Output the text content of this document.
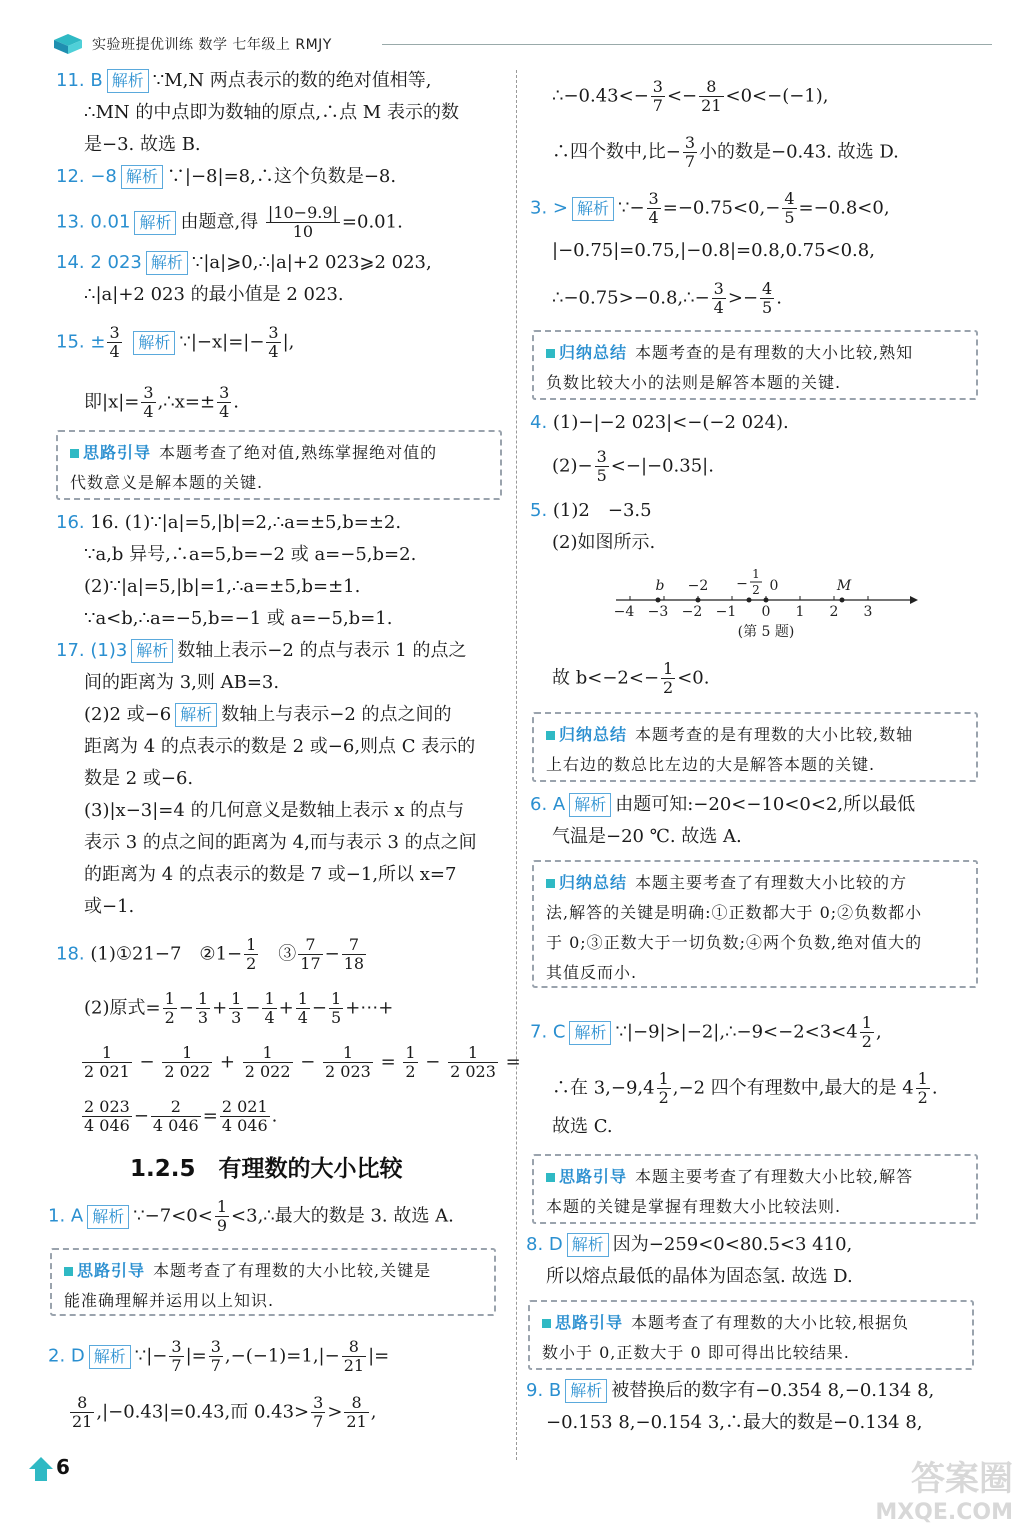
实验班提优训练 数学 七年级上 RMJY
11. B 解析 ∵M,N 两点表示的数的绝对值相等,
∴MN 的中点即为数轴的原点,∴点 M 表示的数
是−3. 故选 B.
12. −8 解析 ∵|−8|=8,∴这个负数是−8.
13. 0.01 解析 由题意,得 $\frac{|10-9.9|}{10} =0.01$.
14. 2 023 解析 ∵|a|⩾0,∴|a|+2 023⩾2 023,
∴|a|+2 023 的最小值是 2 023.
15. ± $\frac{3}{4}$ 解析 ∵|−x|=|− $\frac{3}{4}$ |,
即$|x|= \frac{3}{4}$ ,∴x=± $\frac{3}{4}$ .
思路引导 本题考查了绝对值,熟练掌握绝对值的
代数意义是解本题的关键.
16. 16. (1)∵|a|=5,|b|=2,∴a=±5,b=±2.
∵a,b 异号,∴a=5,b=−2 或 a=−5,b=2.
(2)∵|a|=5,|b|=1,∴a=±5,b=±1.
∵a<b,∴a=−5,b=−1 或 a=−5,b=1.
17. (1)3 解析 数轴上表示−2 的点与表示 1 的点之
间的距离为 3,则 AB=3.
(2)2 或−6 解析 数轴上与表示−2 的点之间的
距离为 4 的点表示的数是 2 或−6,则点 C 表示的
数是 2 或−6.
(3)|x−3|=4 的几何意义是数轴上表示 x 的点与
表示 3 的点之间的距离为 4,而与表示 3 的点之间
的距离为 4 的点表示的数是 7 或−1,所以 x=7
或−1.
18. (1)①21−7　②1− $\frac{1}{2}$ 　③ $\frac{7}{17} - \frac{7}{18}$
(2)原式= $\frac{1}{2} - \frac{1}{3} + \frac{1}{3} - \frac{1}{4} + \frac{1}{4} - \frac{1}{5}$ +⋯+
$\frac{1}{2 021} - \frac{1}{2 022} + \frac{1}{2 022} - \frac{1}{2 023} = \frac{1}{2} - \frac{1}{2 023}$ =
$\frac{2 023}{4 046} - \frac{2}{4 046} = \frac{2 021}{4 046}$ .
1.2.5　有理数的大小比较
1. A 解析 ∵−7<0< $\frac{1}{9}$ <3,∴最大的数是 3. 故选 A.
思路引导 本题考查了有理数的大小比较,关键是
能准确理解并运用以上知识.
2. D 解析 ∵|− $\frac{3}{7}$ |= $\frac{3}{7} ,-(-1)=1,|- \frac{8}{21}$ |=
$\frac{8}{21} ,|-0.43|=0.43$,而 $0.43> \frac{3}{7} > \frac{8}{21}$ ,
∴−0.43<− $\frac{3}{7} <- \frac{8}{21} <0<-(-1)$,
∴四个数中,比− $\frac{3}{7}$ 小的数是−0.43. 故选 D.
3. > 解析 ∵− $\frac{3}{4} =-0.75<0,- \frac{4}{5} =-0.8<0$,
|−0.75|=0.75,|−0.8|=0.8,0.75<0.8,
∴−0.75>−0.8,∴− $\frac{3}{4} >- \frac{4}{5}$ .
归纳总结 本题考查的是有理数的大小比较,熟知
负数比较大小的法则是解答本题的关键.
4. (1)−|−2 023|<−(−2 024).
$(2)- \frac{3}{5} <-|-0.35|$.
5. (1)2　−3.5
(2)如图所示.
−4 −3 −2 −1 0 1 2 3
b −2 −
1
2 0	M
(第 5 题)
故 $b<-2<- \frac{1}{2} <0$.
归纳总结 本题考查的是有理数的大小比较,数轴
上右边的数总比左边的大是解答本题的关键.
6. A 解析 由题可知:−20<−10<0<2,所以最低
气温是−20 ℃. 故选 A.
归纳总结 本题主要考查了有理数大小比较的方
法,解答的关键是明确:①正数都大于 0;②负数都小
于 0;③正数大于一切负数;④两个负数,绝对值大的
其值反而小.
7. C 解析 ∵|−9|>|−2|,∴−9<−2<3<4 $\frac{1}{2}$ ,
∴在 $3,-9,4 \frac{1}{2} ,-2$ 四个有理数中,最大的是 $4 \frac{1}{2}$ .
故选 C.
思路引导 本题主要考查了有理数大小比较,解答
本题的关键是掌握有理数大小比较法则.
8. D 解析 因为−259<0<80.5<3 410,
所以熔点最低的晶体为固态氢. 故选 D.
思路引导 本题考查了有理数的大小比较,根据负
数小于 0,正数大于 0 即可得出比较结果.
9. B 解析 被替换后的数字有−0.354 8,−0.134 8,
−0.153 8,−0.154 3,∴最大的数是−0.134 8,
6	答案圈
MXQE.COM
